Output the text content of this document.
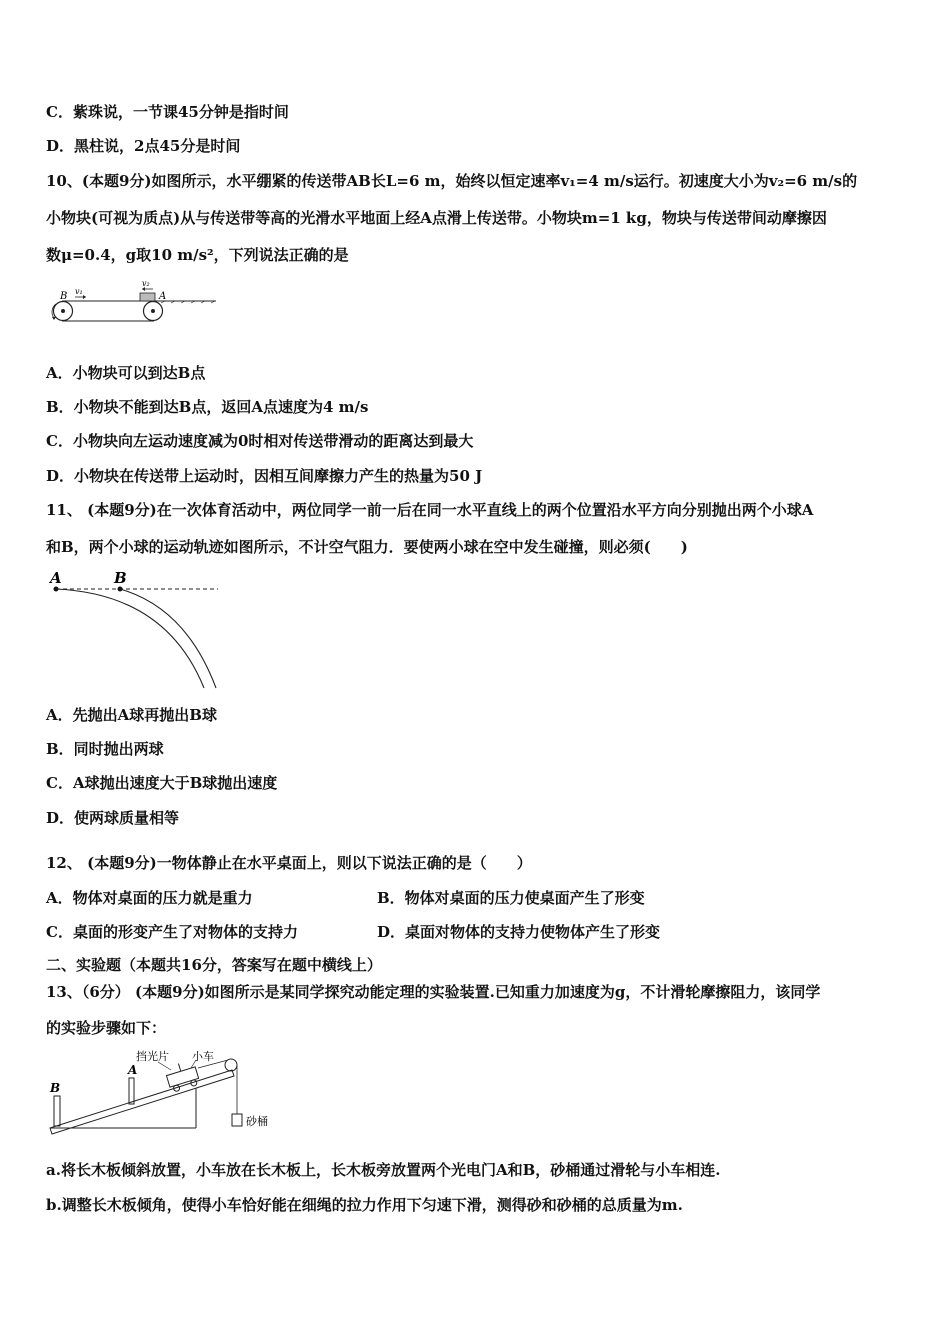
C．紫珠说，一节课45分钟是指时间
D．黑柱说，2点45分是时间
10、(本题9分)如图所示，水平绷紧的传送带AB长L=6 m，始终以恒定速率v₁=4 m/s运行。初速度大小为v₂=6 m/s的
小物块(可视为质点)从与传送带等高的光滑水平地面上经A点滑上传送带。小物块m=1 kg，物块与传送带间动摩擦因
数μ=0.4，g取10 m/s²，下列说法正确的是
B v₁
v₂
A
A．小物块可以到达B点
B．小物块不能到达B点，返回A点速度为4 m/s
C．小物块向左运动速度减为0时相对传送带滑动的距离达到最大
D．小物块在传送带上运动时，因相互间摩擦力产生的热量为50 J
11、 (本题9分)在一次体育活动中，两位同学一前一后在同一水平直线上的两个位置沿水平方向分别抛出两个小球A
和B，两个小球的运动轨迹如图所示，不计空气阻力．要使两小球在空中发生碰撞，则必须(　　)
A	B
A．先抛出A球再抛出B球
B．同时抛出两球
C．A球抛出速度大于B球抛出速度
D．使两球质量相等
12、 (本题9分)一物体静止在水平桌面上，则以下说法正确的是（　　）
A．物体对桌面的压力就是重力	B．物体对桌面的压力使桌面产生了形变
C．桌面的形变产生了对物体的支持力	D．桌面对物体的支持力使物体产生了形变
二、实验题（本题共16分，答案写在题中横线上）
13、（6分） (本题9分)如图所示是某同学探究动能定理的实验装置.已知重力加速度为g，不计滑轮摩擦阻力，该同学
的实验步骤如下：
B
A
挡光片 小车
砂桶
a.将长木板倾斜放置，小车放在长木板上，长木板旁放置两个光电门A和B，砂桶通过滑轮与小车相连.
b.调整长木板倾角，使得小车恰好能在细绳的拉力作用下匀速下滑，测得砂和砂桶的总质量为m.
